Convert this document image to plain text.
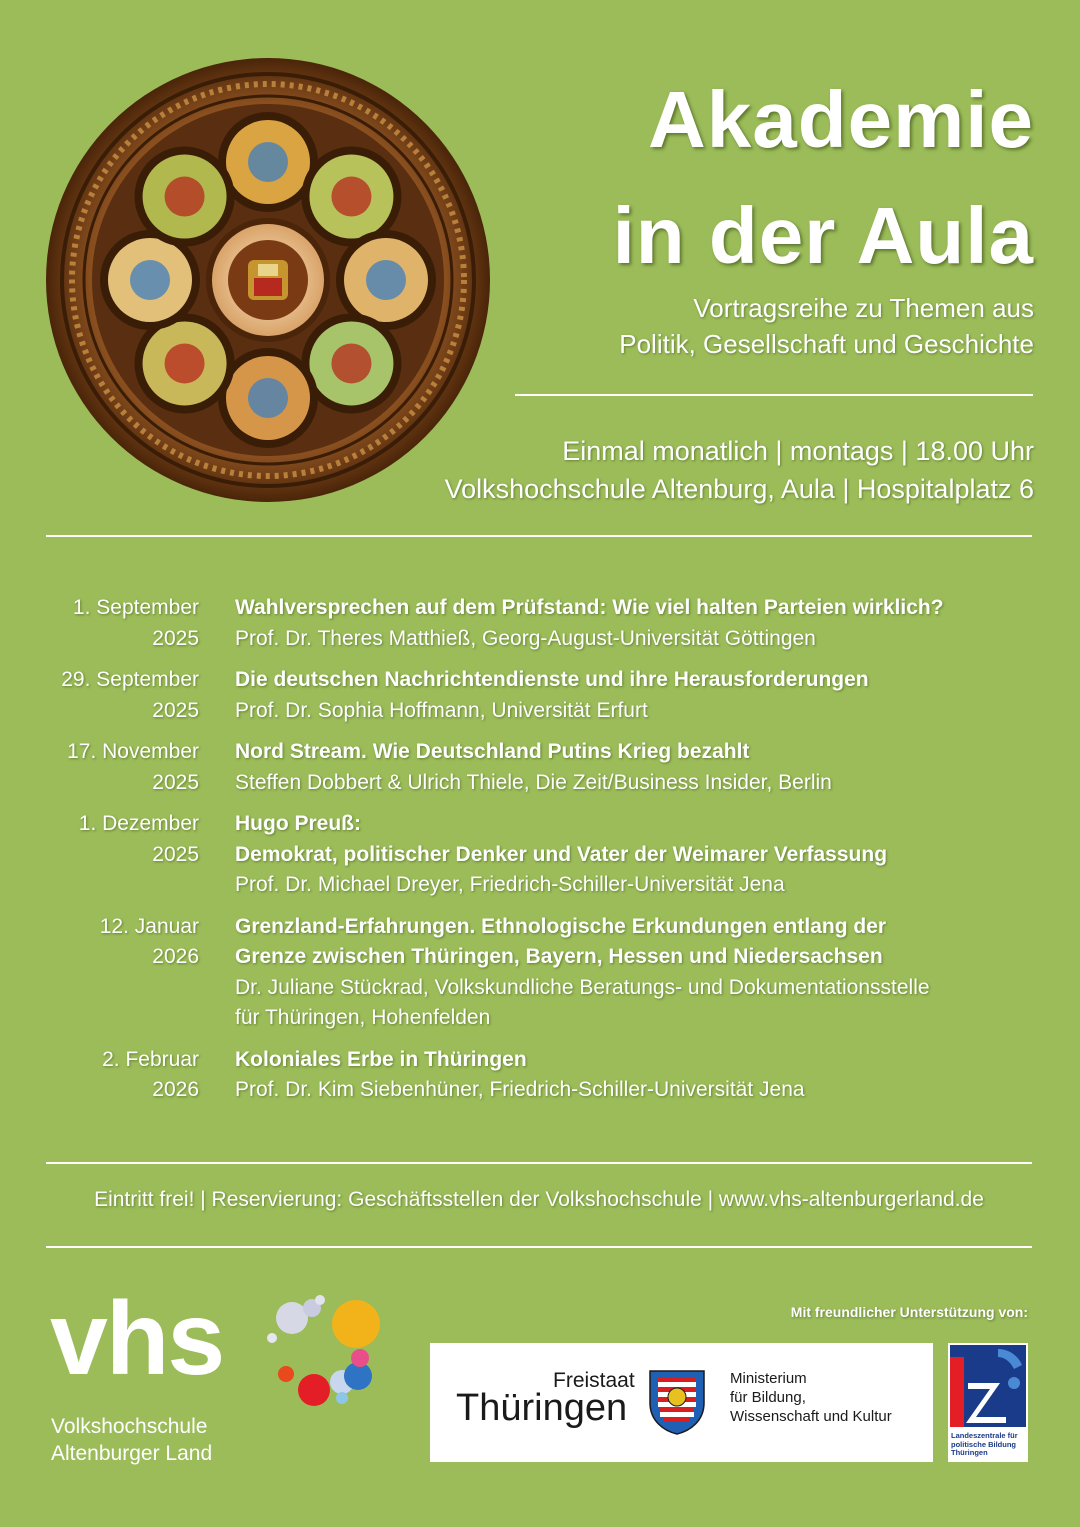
Akademie
in der Aula
Vortragsreihe zu Themen aus
Politik, Gesellschaft und Geschichte
Einmal monatlich | montags | 18.00 Uhr
Volkshochschule Altenburg, Aula | Hospitalplatz 6
1. September
2025
Wahlversprechen auf dem Prüfstand: Wie viel halten Parteien wirklich?
Prof. Dr. Theres Matthieß, Georg-August-Universität Göttingen
29. September
2025
Die deutschen Nachrichtendienste und ihre Herausforderungen
Prof. Dr. Sophia Hoffmann, Universität Erfurt
17. November
2025
Nord Stream. Wie Deutschland Putins Krieg bezahlt
Steffen Dobbert & Ulrich Thiele, Die Zeit/Business Insider, Berlin
1. Dezember
2025
Hugo Preuß:
Demokrat, politischer Denker und Vater der Weimarer Verfassung
Prof. Dr. Michael Dreyer, Friedrich-Schiller-Universität Jena
12. Januar
2026
Grenzland-Erfahrungen. Ethnologische Erkundungen entlang der
Grenze zwischen Thüringen, Bayern, Hessen und Niedersachsen
Dr. Juliane Stückrad, Volkskundliche Beratungs- und Dokumentationsstelle
für Thüringen, Hohenfelden
2. Februar
2026
Koloniales Erbe in Thüringen
Prof. Dr. Kim Siebenhüner, Friedrich-Schiller-Universität Jena
Eintritt frei! | Reservierung: Geschäftsstellen der Volkshochschule | www.vhs-altenburgerland.de
vhs
Volkshochschule
Altenburger Land
Mit freundlicher Unterstützung von:
Freistaat
Thüringen
Ministerium
für Bildung,
Wissenschaft und Kultur
Landeszentrale für
politische Bildung
Thüringen
